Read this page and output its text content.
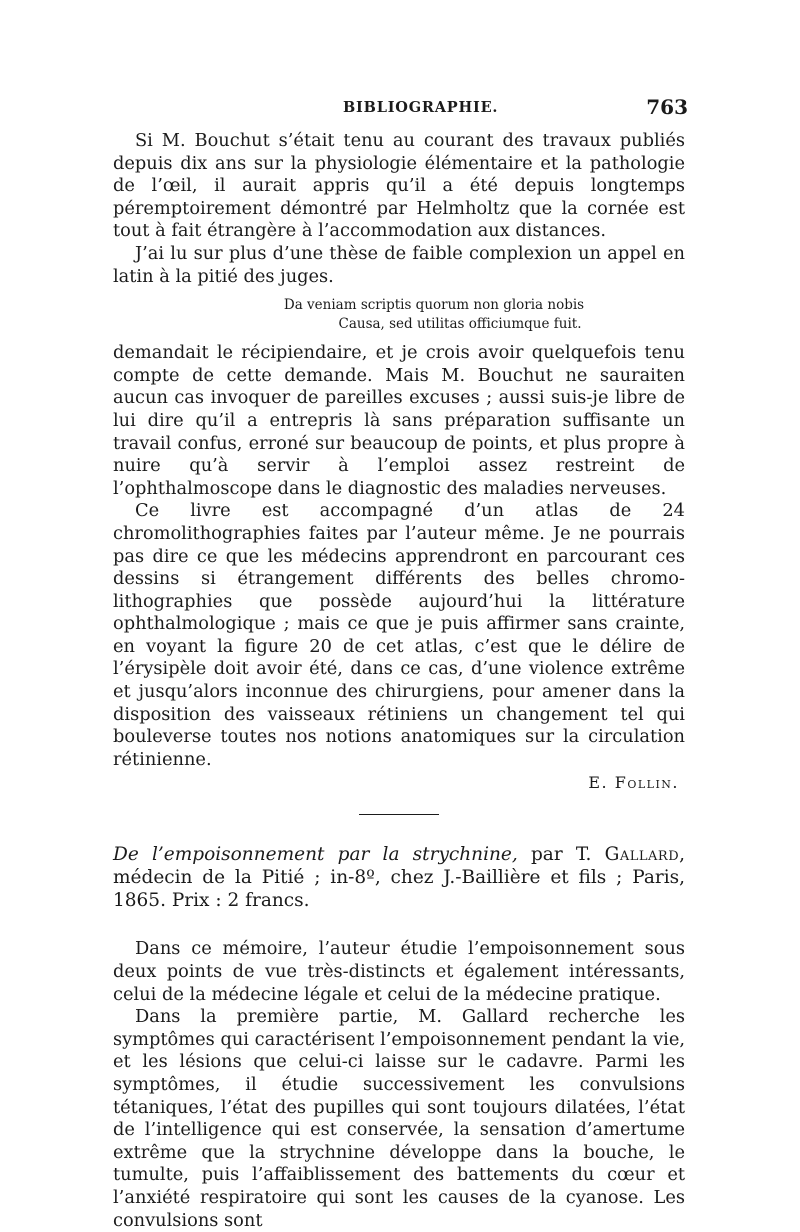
BIBLIOGRAPHIE.	763

Si M. Bouchut s’était tenu au courant des travaux publiés depuis dix ans sur la physiologie élémentaire et la pathologie de l’œil, il aurait appris qu’il a été depuis longtemps péremptoirement démontré par Helmholtz que la cornée est tout à fait étrangère à l’accommodation aux distances.

J’ai lu sur plus d’une thèse de faible complexion un appel en latin à la pitié des juges.

Da veniam scriptis quorum non gloria nobis
Causa, sed utilitas officiumque fuit.

demandait le récipiendaire, et je crois avoir quelquefois tenu compte de cette demande. Mais M. Bouchut ne sauraiten aucun cas invoquer de pareilles excuses ; aussi suis-je libre de lui dire qu’il a entrepris là sans préparation suffisante un travail confus, erroné sur beaucoup de points, et plus propre à nuire qu’à servir à l’emploi assez restreint de l’ophthalmoscope dans le diagnostic des maladies nerveuses.

Ce livre est accompagné d’un atlas de 24 chromolithographies faites par l’auteur même. Je ne pourrais pas dire ce que les médecins apprendront en parcourant ces dessins si étrangement différents des belles chromo-lithographies que possède aujourd’hui la littérature ophthalmologique ; mais ce que je puis affirmer sans crainte, en voyant la figure 20 de cet atlas, c’est que le délire de l’érysipèle doit avoir été, dans ce cas, d’une violence extrême et jusqu’alors inconnue des chirurgiens, pour amener dans la disposition des vaisseaux rétiniens un changement tel qui bouleverse toutes nos notions anatomiques sur la circulation rétinienne.

E. Follin.
De l’empoisonnement par la strychnine, par T. Gallard, médecin de la Pitié ; in-8º, chez J.-Baillière et fils ; Paris, 1865. Prix : 2 francs.

Dans ce mémoire, l’auteur étudie l’empoisonnement sous deux points de vue très-distincts et également intéressants, celui de la médecine légale et celui de la médecine pratique.

Dans la première partie, M. Gallard recherche les symptômes qui caractérisent l’empoisonnement pendant la vie, et les lésions que celui-ci laisse sur le cadavre. Parmi les symptômes, il étudie successivement les convulsions tétaniques, l’état des pupilles qui sont toujours dilatées, l’état de l’intelligence qui est conservée, la sensation d’amertume extrême que la strychnine développe dans la bouche, le tumulte, puis l’affaiblissement des battements du cœur et l’anxiété respiratoire qui sont les causes de la cyanose. Les convulsions sont
